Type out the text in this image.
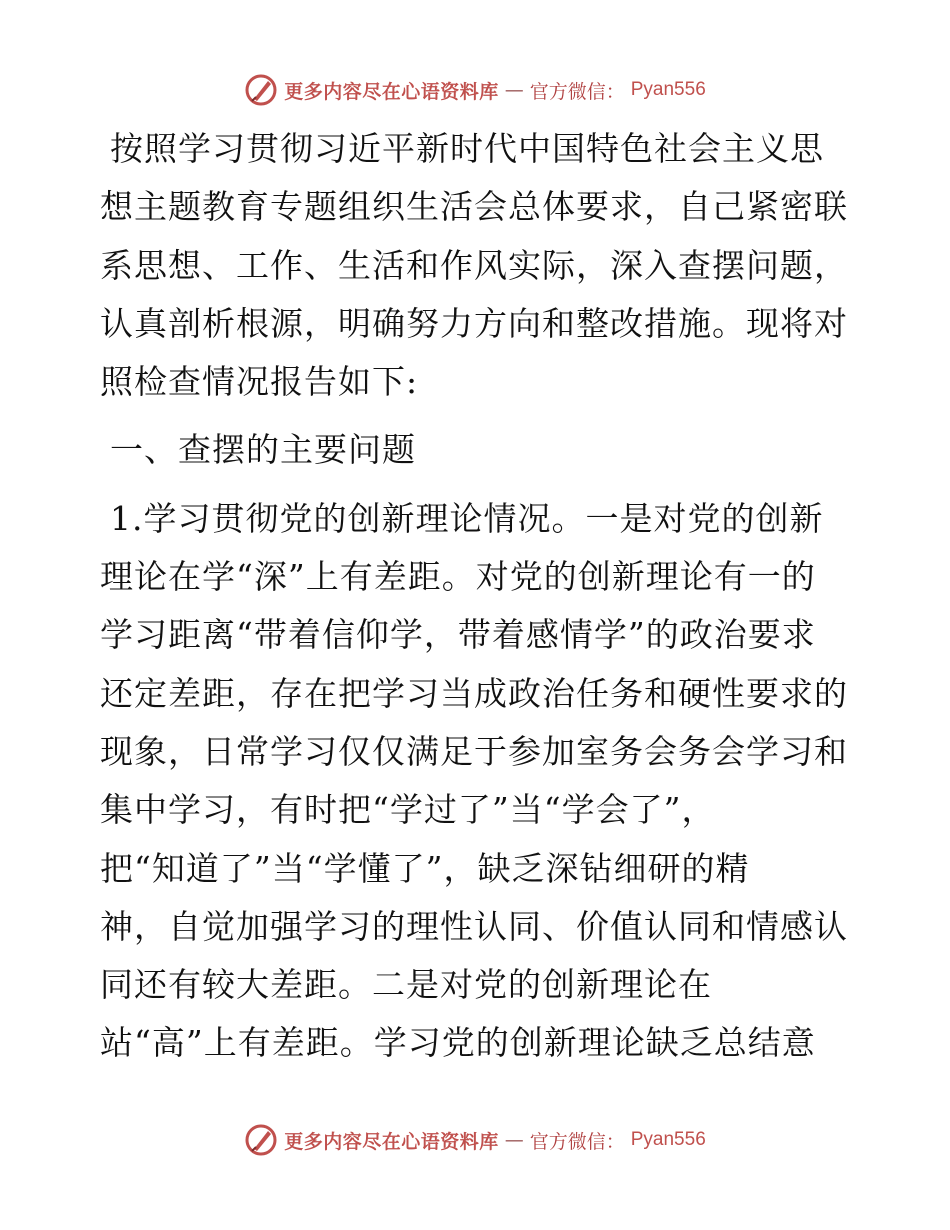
更多内容尽在心语资料库 — 官方微信： Pyan556

按照学习贯彻习近平新时代中国特色社会主义思

想主题教育专题组织生活会总体要求，自己紧密联

系思想、工作、生活和作风实际，深入查摆问题，

认真剖析根源，明确努力方向和整改措施。现将对

照检查情况报告如下:

一、查摆的主要问题

1.学习贯彻党的创新理论情况。一是对党的创新

理论在学“深”上有差距。对党的创新理论有一的

学习距离“带着信仰学，带着感情学”的政治要求

还定差距，存在把学习当成政治任务和硬性要求的

现象，日常学习仅仅满足于参加室务会务会学习和

集中学习，有时把“学过了”当“学会了”，

把“知道了”当“学懂了”，缺乏深钻细研的精

神，自觉加强学习的理性认同、价值认同和情感认

同还有较大差距。二是对党的创新理论在

站“高”上有差距。学习党的创新理论缺乏总结意

更多内容尽在心语资料库 — 官方微信： Pyan556
